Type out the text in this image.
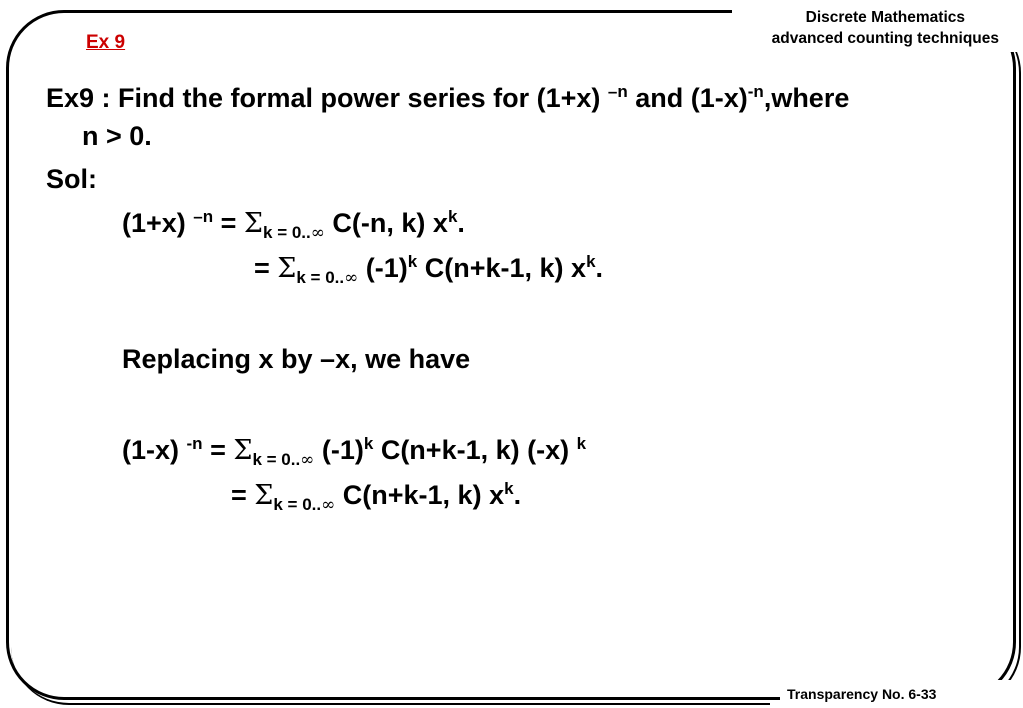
Discrete Mathematics
advanced counting techniques
Ex 9
Transparency No. 6-33
Ex9 : Find the formal power series for (1+x) $^{-n}$ and $(1-x)^{-n},where$
n > 0.
Sol:
(1+x) $^{-n} = \Sigma_{k = 0..\infty}$ C(-n, k) $x^k$.
= $\Sigma_{k = 0..\infty}$ $(-1)^k$ C(n+k-1, k) $x^k$.
Replacing x by –x, we have
(1-x) $^{-n} = \Sigma_{k = 0..\infty}$ $(-1)^k$ C(n+k-1, k) (-x) $^k$
= $\Sigma_{k = 0..\infty}$ C(n+k-1, k) $x^k$.
